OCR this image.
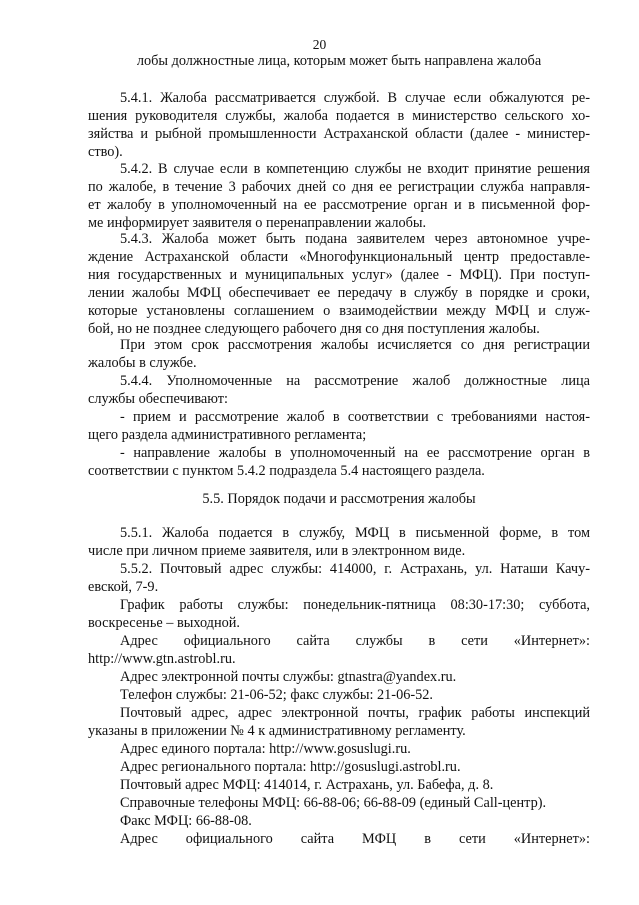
20
лобы должностные лица, которым может быть направлена жалоба
5.4.1. Жалоба рассматривается службой. В случае если обжалуются ре-
шения руководителя службы, жалоба подается в министерство сельского хо-
зяйства и рыбной промышленности Астраханской области (далее - министер-
ство).
5.4.2. В случае если в компетенцию службы не входит принятие решения
по жалобе, в течение 3 рабочих дней со дня ее регистрации служба направля-
ет жалобу в уполномоченный на ее рассмотрение орган и в письменной фор-
ме информирует заявителя о перенаправлении жалобы.
5.4.3. Жалоба может быть подана заявителем через автономное учре-
ждение Астраханской области «Многофункциональный центр предоставле-
ния государственных и муниципальных услуг» (далее - МФЦ). При поступ-
лении жалобы МФЦ обеспечивает ее передачу в службу в порядке и сроки,
которые установлены соглашением о взаимодействии между МФЦ и служ-
бой, но не позднее следующего рабочего дня со дня поступления жалобы.
При этом срок рассмотрения жалобы исчисляется со дня регистрации
жалобы в службе.
5.4.4. Уполномоченные на рассмотрение жалоб должностные лица
службы обеспечивают:
- прием и рассмотрение жалоб в соответствии с требованиями настоя-
щего раздела административного регламента;
- направление жалобы в уполномоченный на ее рассмотрение орган в
соответствии с пунктом 5.4.2 подраздела 5.4 настоящего раздела.
5.5. Порядок подачи и рассмотрения жалобы
5.5.1. Жалоба подается в службу, МФЦ в письменной форме, в том
числе при личном приеме заявителя, или в электронном виде.
5.5.2. Почтовый адрес службы: 414000, г. Астрахань, ул. Наташи Качу-
евской, 7-9.
График работы службы: понедельник-пятница 08:30-17:30; суббота,
воскресенье – выходной.
Адрес официального сайта службы в сети «Интернет»:
http://www.gtn.astrobl.ru.
Адрес электронной почты службы: gtnastra@yandex.ru.
Телефон службы: 21-06-52; факс службы: 21-06-52.
Почтовый адрес, адрес электронной почты, график работы инспекций
указаны в приложении № 4 к административному регламенту.
Адрес единого портала: http://www.gosuslugi.ru.
Адрес регионального портала: http://gosuslugi.astrobl.ru.
Почтовый адрес МФЦ: 414014, г. Астрахань, ул. Бабефа, д. 8.
Справочные телефоны МФЦ: 66-88-06; 66-88-09 (единый Call-центр).
Факс МФЦ: 66-88-08.
Адрес официального сайта МФЦ в сети «Интернет»:
